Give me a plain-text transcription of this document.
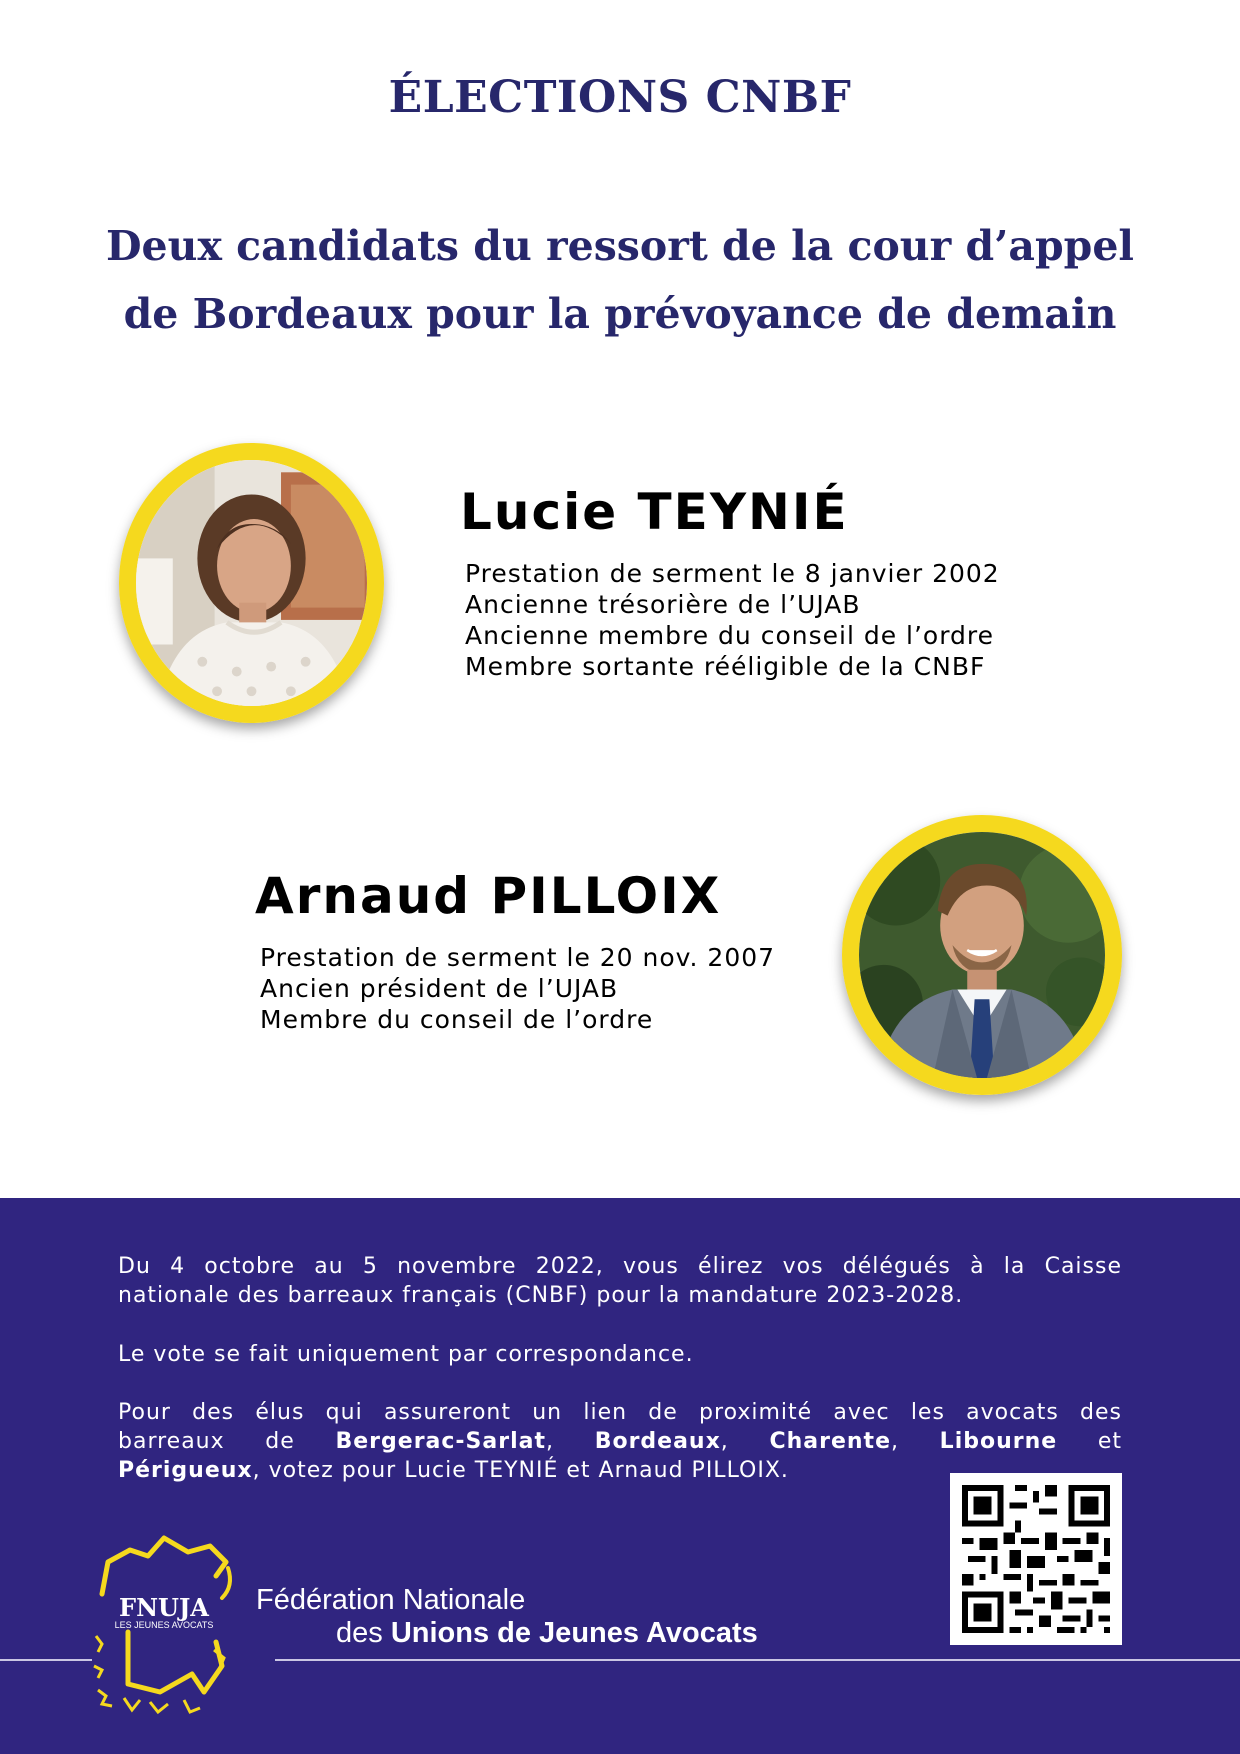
ÉLECTIONS CNBF
Deux candidats du ressort de la cour d’appel
de Bordeaux pour la prévoyance de demain
Lucie TEYNIÉ
Prestation de serment le 8 janvier 2002
Ancienne trésorière de l’UJAB
Ancienne membre du conseil de l’ordre
Membre sortante rééligible de la CNBF
Arnaud PILLOIX
Prestation de serment le 20 nov. 2007
Ancien président de l’UJAB
Membre du conseil de l’ordre
Du 4 octobre au 5 novembre 2022, vous élirez vos délégués à la Caisse
nationale des barreaux français (CNBF) pour la mandature 2023-2028.
Le vote se fait uniquement par correspondance.
Pour des élus qui assureront un lien de proximité avec les avocats des
barreaux de Bergerac-Sarlat, Bordeaux, Charente, Libourne et
Périgueux, votez pour Lucie TEYNIÉ et Arnaud PILLOIX.
FNUJA
LES JEUNES AVOCATS
Fédération Nationale
des Unions de Jeunes Avocats
